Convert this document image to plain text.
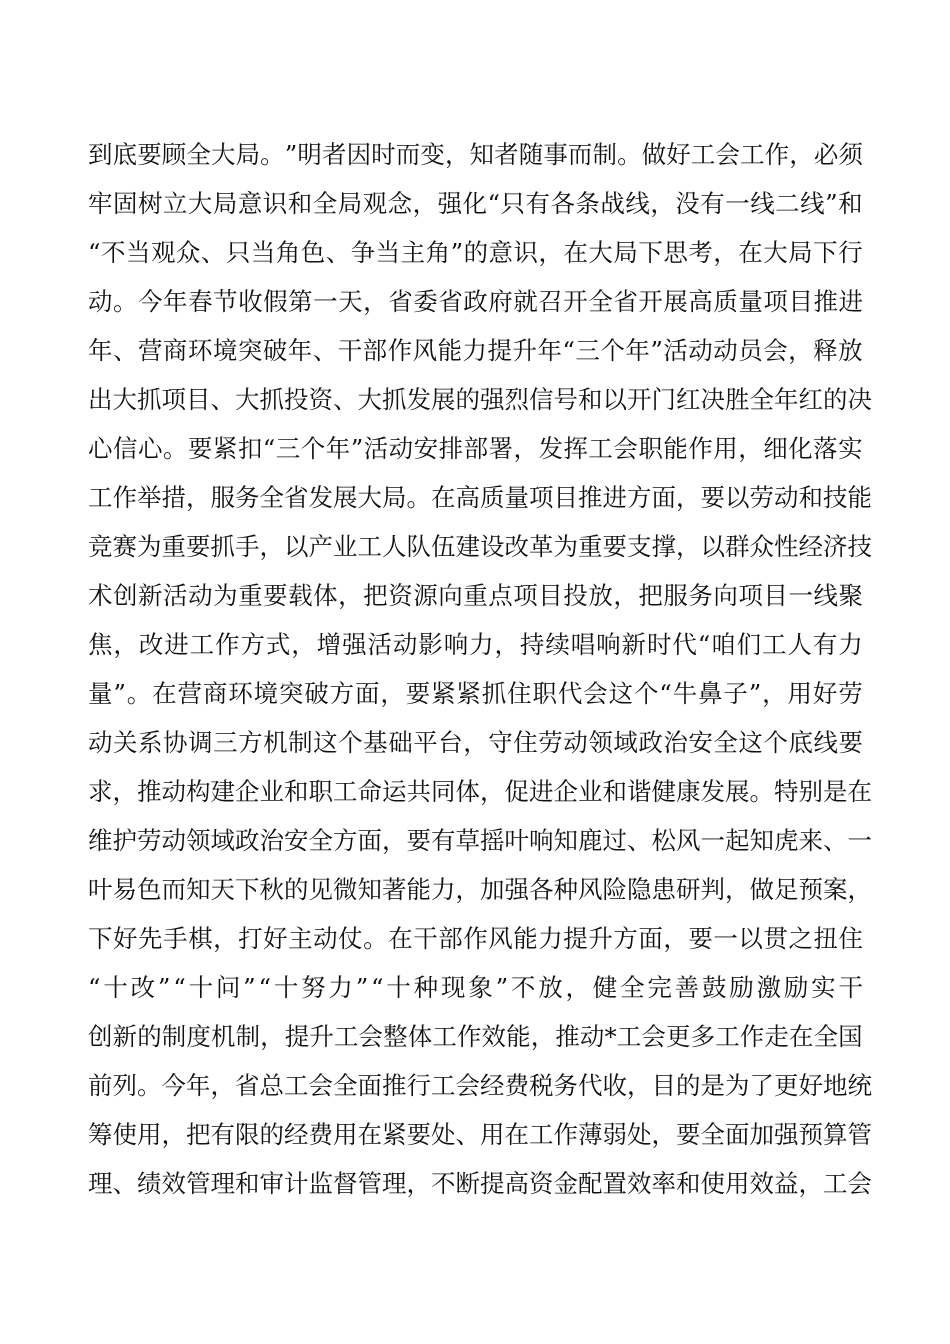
到 底 要 顾 全 大 局 。 ” 明 者 因 时 而 变 ， 知 者 随 事 而 制 。 做 好 工 会 工 作 ， 必 须
牢 固 树 立 大 局 意 识 和 全 局 观 念 ， 强 化 “ 只 有 各 条 战 线 ， 没 有 一 线 二 线 ” 和
“ 不 当 观 众 、 只 当 角 色 、 争 当 主 角 ” 的 意 识 ， 在 大 局 下 思 考 ， 在 大 局 下 行
动 。 今 年 春 节 收 假 第 一 天 ， 省 委 省 政 府 就 召 开 全 省 开 展 高 质 量 项 目 推 进
年 、 营 商 环 境 突 破 年 、 干 部 作 风 能 力 提 升 年 “ 三 个 年 ” 活 动 动 员 会 ， 释 放
出 大 抓 项 目 、 大 抓 投 资 、 大 抓 发 展 的 强 烈 信 号 和 以 开 门 红 决 胜 全 年 红 的 决
心 信 心 。 要 紧 扣 “ 三 个 年 ” 活 动 安 排 部 署 ， 发 挥 工 会 职 能 作 用 ， 细 化 落 实
工 作 举 措 ， 服 务 全 省 发 展 大 局 。 在 高 质 量 项 目 推 进 方 面 ， 要 以 劳 动 和 技 能
竞 赛 为 重 要 抓 手 ， 以 产 业 工 人 队 伍 建 设 改 革 为 重 要 支 撑 ， 以 群 众 性 经 济 技
术 创 新 活 动 为 重 要 载 体 ， 把 资 源 向 重 点 项 目 投 放 ， 把 服 务 向 项 目 一 线 聚
焦 ， 改 进 工 作 方 式 ， 增 强 活 动 影 响 力 ， 持 续 唱 响 新 时 代 “ 咱 们 工 人 有 力
量 ” 。 在 营 商 环 境 突 破 方 面 ， 要 紧 紧 抓 住 职 代 会 这 个 “ 牛 鼻 子 ” ， 用 好 劳
动 关 系 协 调 三 方 机 制 这 个 基 础 平 台 ， 守 住 劳 动 领 域 政 治 安 全 这 个 底 线 要
求 ， 推 动 构 建 企 业 和 职 工 命 运 共 同 体 ， 促 进 企 业 和 谐 健 康 发 展 。 特 别 是 在
维 护 劳 动 领 域 政 治 安 全 方 面 ， 要 有 草 摇 叶 响 知 鹿 过 、 松 风 一 起 知 虎 来 、 一
叶 易 色 而 知 天 下 秋 的 见 微 知 著 能 力 ， 加 强 各 种 风 险 隐 患 研 判 ， 做 足 预 案 ，
下 好 先 手 棋 ， 打 好 主 动 仗 。 在 干 部 作 风 能 力 提 升 方 面 ， 要 一 以 贯 之 扭 住
“ 十 改 ” “ 十 问 ” “ 十 努 力 ” “ 十 种 现 象 ” 不 放 ， 健 全 完 善 鼓 励 激 励 实 干
创 新 的 制 度 机 制 ， 提 升 工 会 整 体 工 作 效 能 ， 推 动 * 工 会 更 多 工 作 走 在 全 国
前 列 。 今 年 ， 省 总 工 会 全 面 推 行 工 会 经 费 税 务 代 收 ， 目 的 是 为 了 更 好 地 统
筹 使 用 ， 把 有 限 的 经 费 用 在 紧 要 处 、 用 在 工 作 薄 弱 处 ， 要 全 面 加 强 预 算 管
理 、 绩 效 管 理 和 审 计 监 督 管 理 ， 不 断 提 高 资 金 配 置 效 率 和 使 用 效 益 ， 工 会
